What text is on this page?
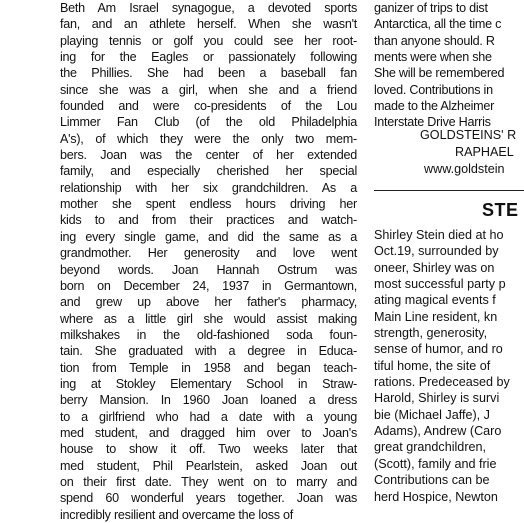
Beth Am Israel synagogue, a devoted sports
fan, and an athlete herself. When she wasn't
playing tennis or golf you could see her root-
ing for the Eagles or passionately following
the Phillies. She had been a baseball fan
since she was a girl, when she and a friend
founded and were co-presidents of the Lou
Limmer Fan Club (of the old Philadelphia
A's), of which they were the only two mem-
bers. Joan was the center of her extended
family, and especially cherished her special
relationship with her six grandchildren. As a
mother she spent endless hours driving her
kids to and from their practices and watch-
ing every single game, and did the same as a
grandmother. Her generosity and love went
beyond words. Joan Hannah Ostrum was
born on December 24, 1937 in Germantown,
and grew up above her father's pharmacy,
where as a little girl she would assist making
milkshakes in the old-fashioned soda foun-
tain. She graduated with a degree in Educa-
tion from Temple in 1958 and began teach-
ing at Stokley Elementary School in Straw-
berry Mansion. In 1960 Joan loaned a dress
to a girlfriend who had a date with a young
med student, and dragged him over to Joan's
house to show it off. Two weeks later that
med student, Phil Pearlstein, asked Joan out
on their first date. They went on to marry and
spend 60 wonderful years together. Joan was
incredibly resilient and overcame the loss of
ganizer of trips to dist
Antarctica, all the time c
than anyone should. R
ments were when she
She will be remembered
loved. Contributions in
made to the Alzheimer
Interstate Drive Harris
GOLDSTEINS' R
RAPHAEL
www.goldstein
STE
Shirley Stein died at ho
Oct.19, surrounded by
oneer, Shirley was on
most successful party p
ating magical events f
Main Line resident, kn
strength, generosity,
sense of humor, and ro
tiful home, the site of
rations. Predeceased by
Harold, Shirley is survi
bie (Michael Jaffe), J
Adams), Andrew (Caro
great grandchildren,
(Scott), family and frie
Contributions can be
herd Hospice, Newton
